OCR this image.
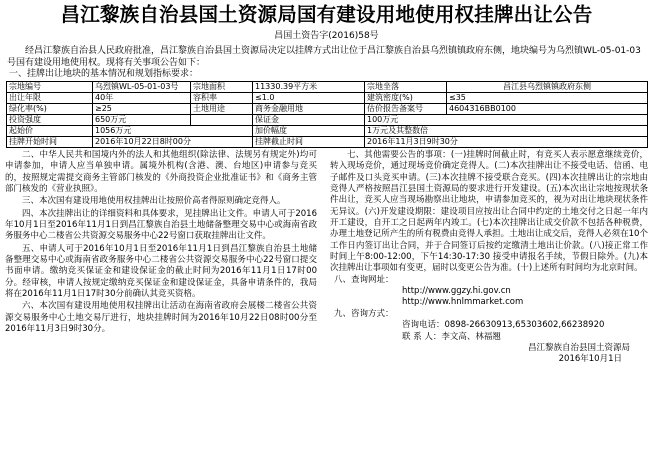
昌江黎族自治县国土资源局国有建设用地使用权挂牌出让公告
昌国土资告字(2016)58号
经昌江黎族自治县人民政府批准，昌江黎族自治县国土资源局决定以挂牌方式出让位于昌江黎族自治县乌烈镇镇政府东侧，地块编号为乌烈镇WL-05-01-03号国有建设用地使用权。现将有关事项公告如下：
一、挂牌出让地块的基本情况和规划指标要求：
宗地编号	乌烈镇WL-05-01-03号	宗地面积	11330.39平方米	宗地坐落	昌江县乌烈镇镇政府东侧
出让年限	40年	容积率	≤1.0	建筑密度(%)	≤35
绿化率(%)	≥25	土地用途	商务金融用地	估价报告备案号	4604316BB0100
投资强度	650万元		保证金	100万元	
起始价	1056万元		加价幅度	1万元及其整数倍	
挂牌开始时间	2016年10月22日8时00分		挂牌截止时间	2016年11月3日9时30分	

二、中华人民共和国境内外的法人和其他组织(除法律、法规另有规定外)均可申请参加，申请人应当单独申请。属境外机构(含港、澳、台地区)申请参与竞买的，按照规定需提交商务主管部门核发的《外商投资企业批准证书》和《商务主管部门核发的《营业执照》。

三、本次国有建设用地使用权挂牌出让按照价高者得原则确定竞得人。

四、本次挂牌出让的详细资料和具体要求，见挂牌出让文件。申请人可于2016年10月1日至2016年11月1日到昌江黎族自治县土地储备整理交易中心或海南省政务服务中心二楼省公共资源交易服务中心22号窗口获取挂牌出让文件。

五、申请人可于2016年10月1日至2016年11月1日到昌江黎族自治县土地储备整理交易中心或海南省政务服务中心二楼省公共资源交易服务中心22号窗口提交书面申请。缴纳竞买保证金和建设保证金的截止时间为2016年11月1日17时00分。经审核，申请人按规定缴纳竞买保证金和建设保证金，具备申请条件的，我局将在2016年11月1日17时30分前确认其竞买资格。

六、本次国有建设用地使用权挂牌出让活动在海南省政府会展楼二楼省公共资源交易服务中心土地交易厅进行，地块挂牌时间为2016年10月22日08时00分至2016年11月3日9时30分。

七、其他需要公告的事项：(一)挂牌时间截止时，有竞买人表示愿意继续竞价，转入现场竞价，通过现场竞价确定竞得人。(二)本次挂牌出让不接受电话、信函、电子邮件及口头竞买申请。(三)本次挂牌不接受联合竞买。(四)本次挂牌出让的宗地由竞得人严格按照昌江县国土资源局的要求进行开发建设。(五)本次出让宗地按现状条件出让，竞买人应当现场勘察出让地块，申请参加竞买的，视为对出让地块现状条件无异议。(六)开发建设期限：建设项目应按出让合同中约定的土地交付之日起一年内开工建设，自开工之日起两年内竣工。(七)本次挂牌出让成交价款不包括各种税费，办理土地登记所产生的所有税费由竞得人承担。土地出让成交后，竞得人必须在10个工作日内签订出让合同，并于合同签订后按约定缴清土地出让价款。(八)接正常工作时间上午8:00-12:00，下午14:30-17:30 接受申请报名手续，节假日除外。(九)本次挂牌出让事项如有变更，届时以变更公告为准。(十)上述所有时间均为北京时间。

八、查询网址：

http://www.ggzy.hi.gov.cn

http://www.hnlmmarket.com

九、咨询方式：

咨询电话：0898-26630913,65303602,66238920

联 系 人：李文高、林福翘

昌江黎族自治县国土资源局

2016年10月1日
